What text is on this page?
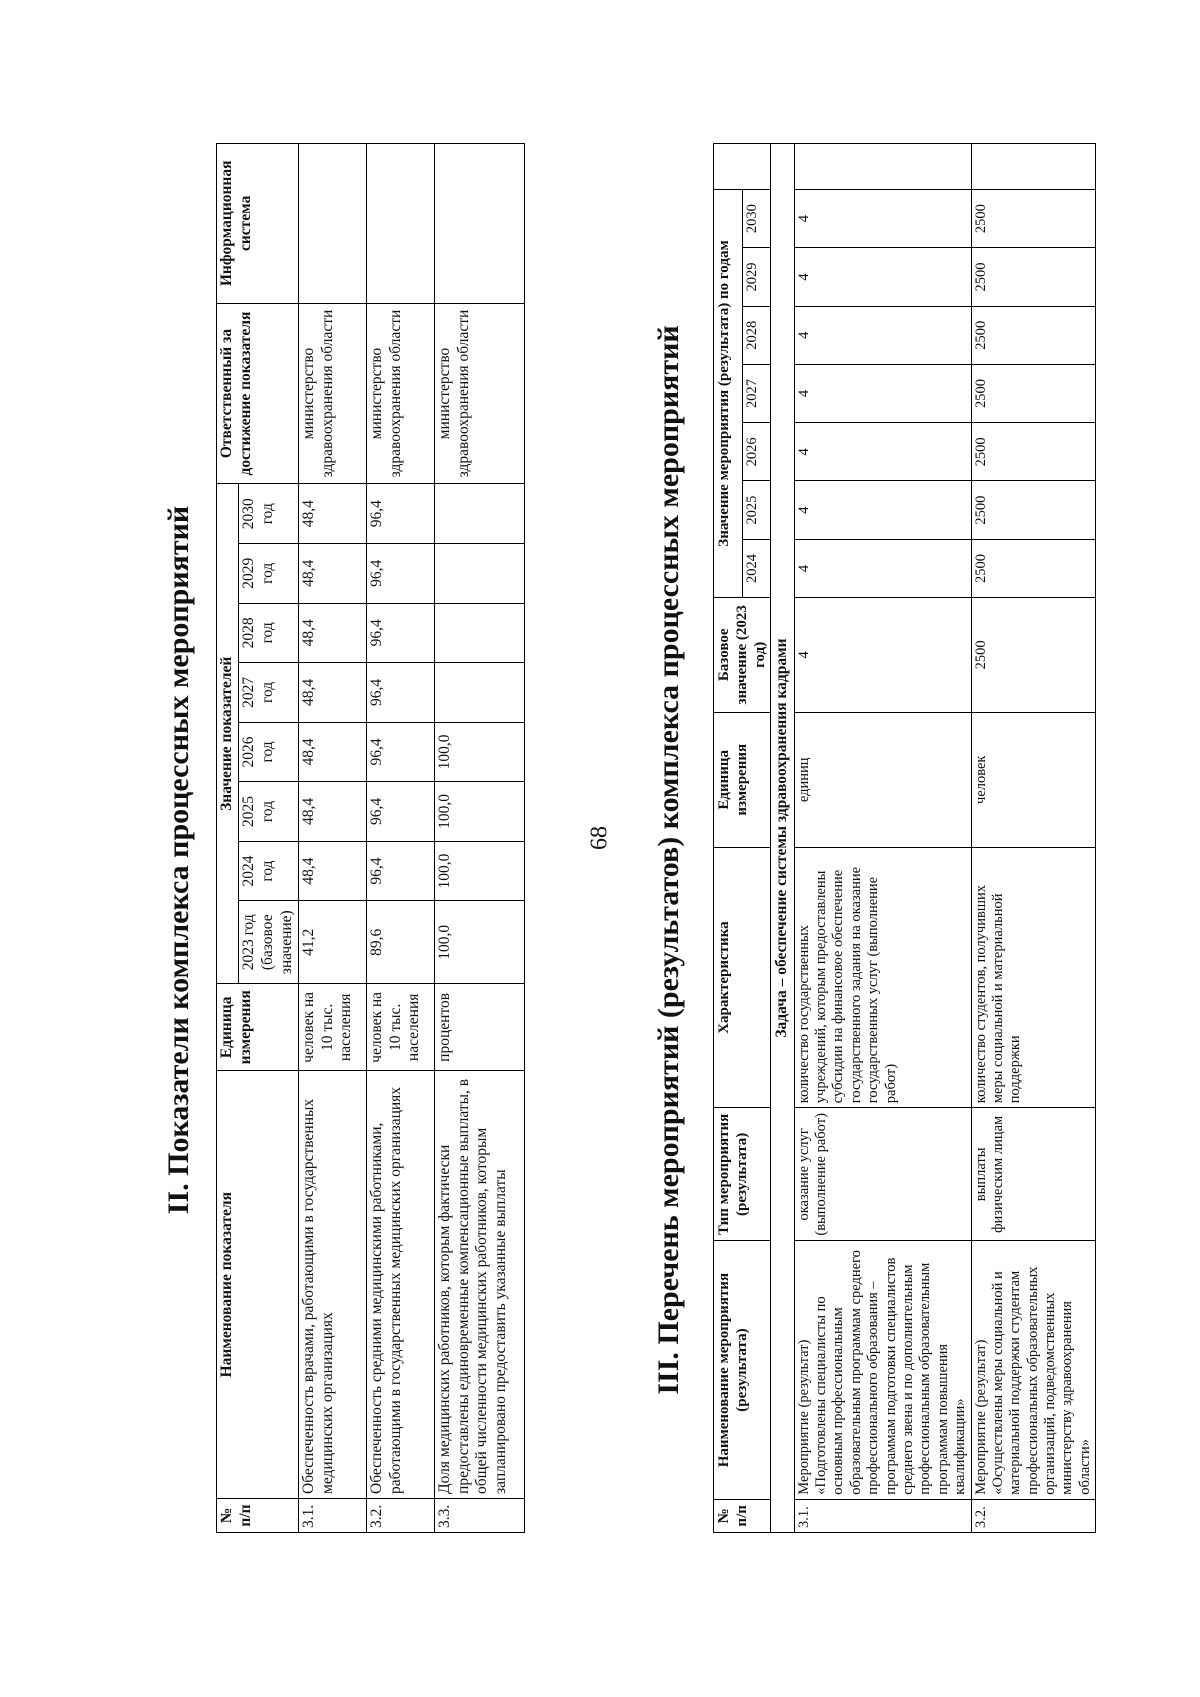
68
II. Показатели комплекса процессных мероприятий
№ п/п	Наименование показателя	Единица измерения	Значение показателей								Ответственный за достижение показателя	Информационная система
			2023 год (базовое значение)	2024 год	2025 год	2026 год	2027 год	2028 год	2029 год	2030 год		
3.1.	Обеспеченность врачами, работающими в государственных медицинских организациях	человек на 10 тыс. населения	41,2	48,4	48,4	48,4	48,4	48,4	48,4	48,4	министерство здравоохранения области	
3.2.	Обеспеченность средними медицинскими работниками, работающими в государственных медицинских организациях	человек на 10 тыс. населения	89,6	96,4	96,4	96,4	96,4	96,4	96,4	96,4	министерство здравоохранения области	
3.3.	Доля медицинских работников, которым фактически предоставлены единовременные компенсационные выплаты, в общей численности медицинских работников, которым запланировано предоставить указанные выплаты	процентов	100,0	100,0	100,0	100,0					министерство здравоохранения области		III. Перечень мероприятий (результатов) комплекса процессных мероприятий
№ п/п	Наименование мероприятия (результата)	Тип мероприятия (результата)	Характеристика	Единица измерения	Базовое значение (2023 год)	Значение мероприятия (результата) по годам							
						2024	2025	2026	2027	2028	2029	2030	
Задача – обеспечение системы здравоохранения кадрами													
3.1.	Мероприятие (результат) «Подготовлены специалисты по основным профессиональным образовательным программам среднего профессионального образования – программам подготовки специалистов среднего звена и по дополнительным профессиональным образовательным программам повышения квалификации»	оказание услуг (выполнение работ)	количество государственных учреждений, которым предоставлены субсидии на финансовое обеспечение государственного задания на оказание государственных услуг (выполнение работ)	единиц	4	4	4	4	4	4	4	4	
3.2.	Мероприятие (результат) «Осуществлены меры социальной и материальной поддержки студентам профессиональных образовательных организаций, подведомственных министерству здравоохранения области»	выплаты физическим лицам	количество студентов, получивших меры социальной и материальной поддержки	человек	2500	2500	2500	2500	2500	2500	2500	2500	
